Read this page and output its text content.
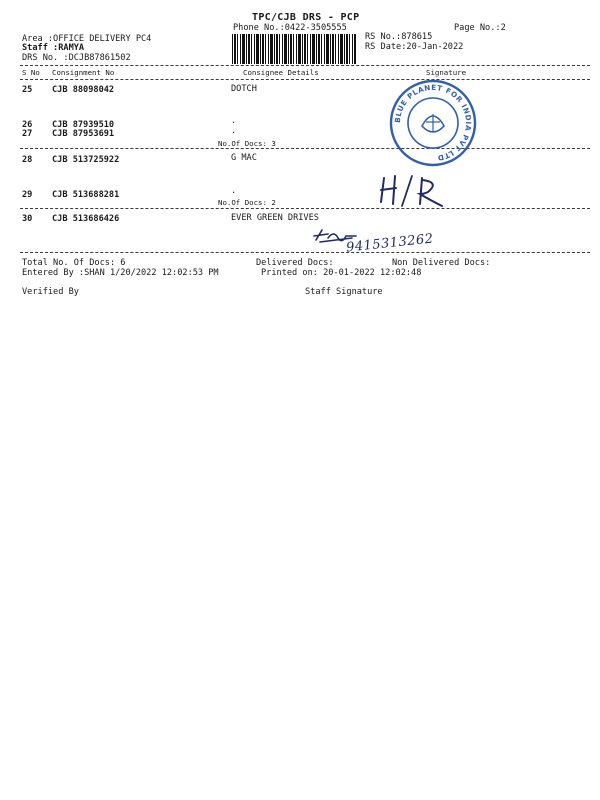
TPC/CJB DRS - PCP
Phone No.:0422-3505555	Page No.:2
Area :OFFICE DELIVERY PC4
Staff :RAMYA
DRS No. :DCJB87861502
RS No.:878615
RS Date:20-Jan-2022
S No Consignment No	Consignee Details	Signature
25 CJB 88098042	DOTCH
26 CJB 87939510	.
27 CJB 87953691	.
No.Of Docs: 3
28 CJB 513725922	G MAC
29 CJB 513688281	.
No.Of Docs: 2
30 CJB 513686426	EVER GREEN DRIVES
BLUE PLANET FOR INDIA PVT LTD
9415313262
Total No. Of Docs: 6	Delivered Docs:	Non Delivered Docs:
Entered By :SHAN 1/20/2022 12:02:53 PM	Printed on: 20-01-2022 12:02:48
Verified By	Staff Signature
